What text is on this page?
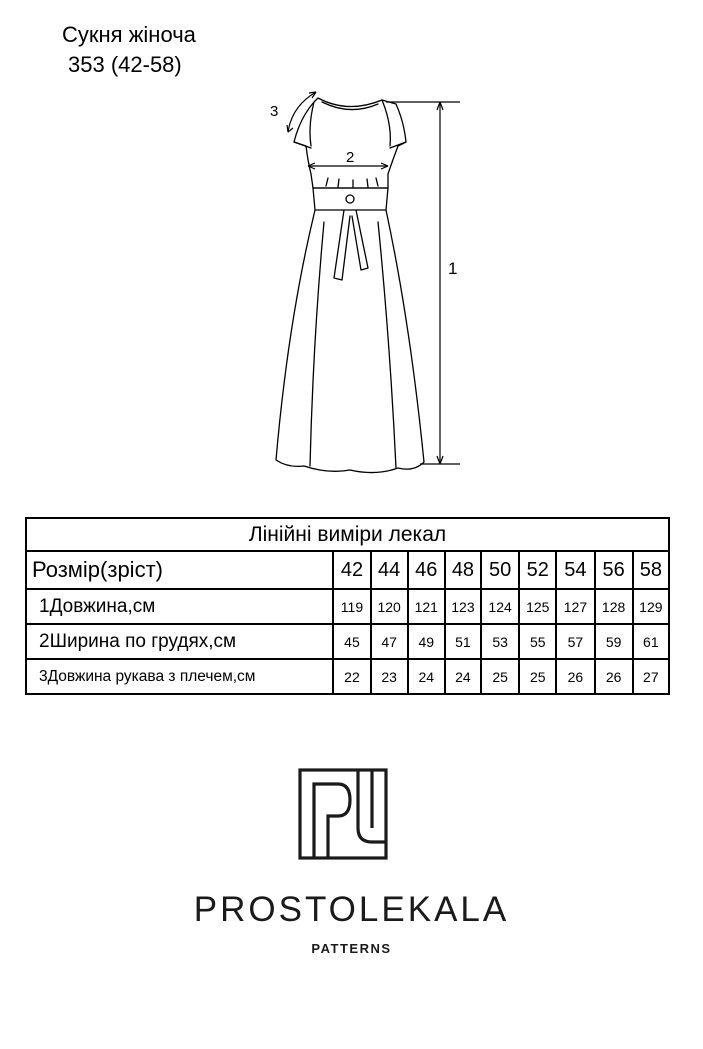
Сукня жіноча
353 (42-58)
2
3
1
Лінійні виміри лекал									
Розмір(зріст)	42	44	46	48	50	52	54	56	58
1Довжина,см	119	120	121	123	124	125	127	128	129
2Ширина по грудях,см	45	47	49	51	53	55	57	59	61
3Довжина рукава з плечем,см	22	23	24	24	25	25	26	26	27
PROSTOLEKALA
PATTERNS
